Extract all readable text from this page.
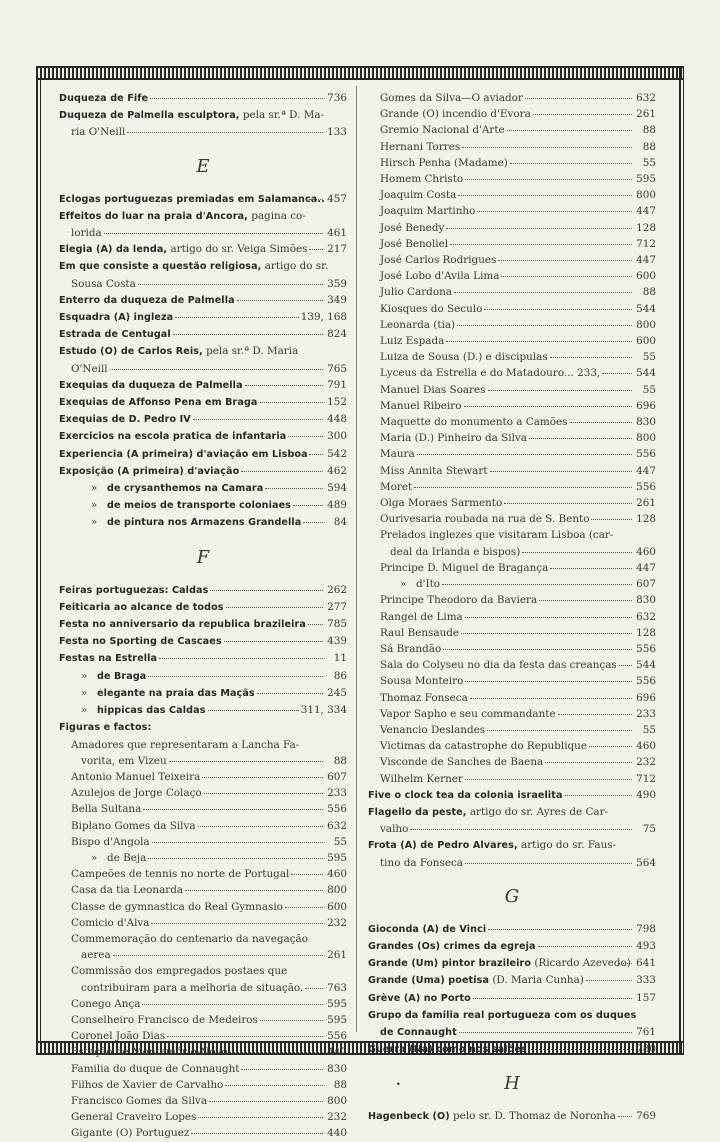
Duqueza de Fife	736
Duqueza de Palmella esculptora, pela sr.ª D. Ma-
ria O'Neill	133
E
Eclogas portuguezas premiadas em Salamanca.. 457
Effeitos do luar na praia d'Ancora, pagina co-
lorida	461
Elegia (A) da lenda, artigo do sr. Veiga Simões 217
Em que consiste a questão religiosa, artigo do sr.
Sousa Costa	359
Enterro da duqueza de Palmella	349
Esquadra (A) ingleza	139, 168
Estrada de Centugal	824
Estudo (O) de Carlos Reis, pela sr.ª D. Maria
O'Neill	765
Exequias da duqueza de Palmella	791
Exequias de Affonso Pena em Braga	152
Exequias de D. Pedro IV	448
Exercicios na escola pratica de infantaria	300
Experiencia (A primeira) d'aviação em Lisboa 542
Exposição (A primeira) d'aviação	462
» de crysanthemos na Camara	594
» de meios de transporte coloniaes	489
» de pintura nos Armazens Grandella	84
F
Feiras portuguezas: Caldas	262
Feiticaria ao alcance de todos	277
Festa no anniversario da republica brazileira 785
Festa no Sporting de Cascaes	439
Festas na Estrella	11
» de Braga	86
» elegante na praia das Maçãs	245
» hippicas das Caldas	311, 334
Figuras e factos:
Amadores que representaram a Lancha Fa-
vorita, em Vizeu	88
Antonio Manuel Teixeira	607
Azulejos de Jorge Colaço	233
Bella Sultana	556
Biplano Gomes da Silva	632
Bispo d'Angola	55
» de Beja	595
Campeões de tennis no norte de Portugal	460
Casa da tia Leonarda	800
Classe de gymnastica do Real Gymnasio	600
Comicio d'Alva	232
Commemoração do centenario da navegação
aerea	261
Commissão dos empregados postaes que
contribuiram para a melhoria de situação. 763
Conego Ança	595
Conselheiro Francisco de Medeiros	595
Coronel João Dias	556
Estação de Montemór-o-Novo	447
Familia do duque de Connaught	830
Filhos de Xavier de Carvalho	88
Francisco Gomes da Silva	800
General Craveiro Lopes	232
Gigante (O) Portuguez	440
Gomes da Silva—O aviador	632
Grande (O) incendio d'Evora	261
Gremio Nacional d'Arte	88
Hernani Torres	88
Hirsch Penha (Madame)	55
Homem Christo	595
Joaquim Costa	800
Joaquim Martinho	447
José Benedy	128
José Benoliel	712
José Carlos Rodrigues	447
José Lobo d'Avila Lima	600
Julio Cardona	88
Kiosques do Seculo	544
Leonarda (tia)	800
Luiz Espada	600
Luiza de Sousa (D.) e discipulas	55
Lyceus da Estrella e do Matadouro... 233,	544
Manuel Dias Soares	55
Manuel Ribeiro	696
Maquette do monumento a Camões	830
Maria (D.) Pinheiro da Silva	800
Maura	556
Miss Annita Stewart	447
Moret	556
Olga Moraes Sarmento	261
Ourivesaria roubada na rua de S. Bento	128
Prelados inglezes que visitaram Lisboa (car-
deal da Irlanda e bispos)	460
Principe D. Miguel de Bragança	447
» d'Ito	607
Principe Theodoro da Baviera	830
Rangel de Lima	632
Raul Bensaude	128
Sá Brandão	556
Sala do Colyseu no dia da festa das creanças 544
Sousa Monteiro	556
Thomaz Fonseca	696
Vapor Sapho e seu commandante	233
Venancio Deslandes	55
Victimas da catastrophe do Republique	460
Visconde de Sanches de Baena	232
Wilhelm Kerner	712
Five o clock tea da colonia israelita	490
Flagello da peste, artigo do sr. Ayres de Car-
valho	75
Frota (A) de Pedro Alvares, artigo do sr. Faus-
tino da Fonseca	564
G
Gioconda (A) de Vinci	798
Grandes (Os) crimes da egreja	493
Grande (Um) pintor brazileiro (Ricardo Azevedo) 641
Grande (Uma) poetisa (D. Maria Cunha)	333
Grève (A) no Porto	157
Grupo da familia real portugueza com os duques
de Connaught	761
Guerra (Na) como nos salões	780
H
Hagenbeck (O) pelo sr. D. Thomaz de Noronha 769
•
